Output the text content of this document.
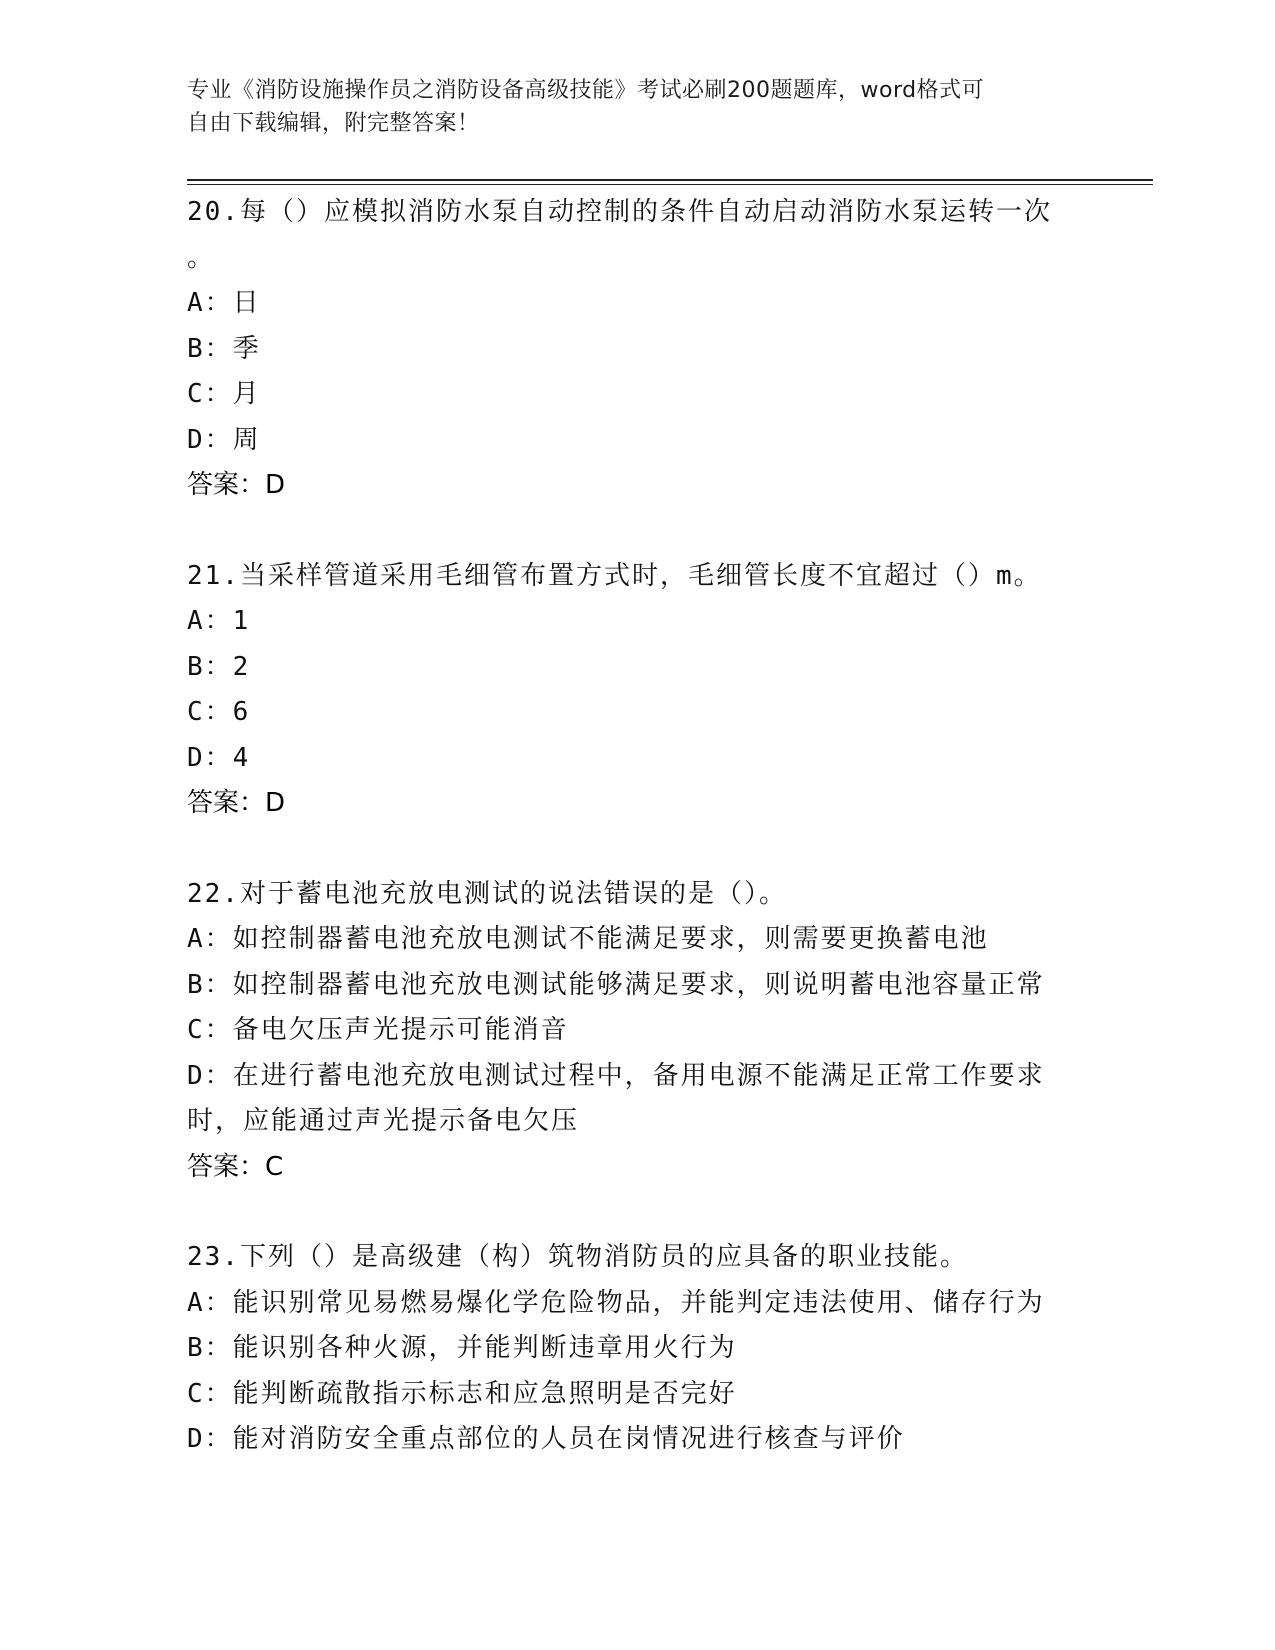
专业《消防设施操作员之消防设备高级技能》考试必刷200题题库，word格式可
自由下载编辑，附完整答案！
20.每（）应模拟消防水泵自动控制的条件自动启动消防水泵运转一次
。
A：日
B：季
C：月
D：周
答案：D
21.当采样管道采用毛细管布置方式时，毛细管长度不宜超过（）m。
A：1
B：2
C：6
D：4
答案：D
22.对于蓄电池充放电测试的说法错误的是（）。
A：如控制器蓄电池充放电测试不能满足要求，则需要更换蓄电池
B：如控制器蓄电池充放电测试能够满足要求，则说明蓄电池容量正常
C：备电欠压声光提示可能消音
D：在进行蓄电池充放电测试过程中，备用电源不能满足正常工作要求
时，应能通过声光提示备电欠压
答案：C
23.下列（）是高级建（构）筑物消防员的应具备的职业技能。
A：能识别常见易燃易爆化学危险物品，并能判定违法使用、储存行为
B：能识别各种火源，并能判断违章用火行为
C：能判断疏散指示标志和应急照明是否完好
D：能对消防安全重点部位的人员在岗情况进行核查与评价
